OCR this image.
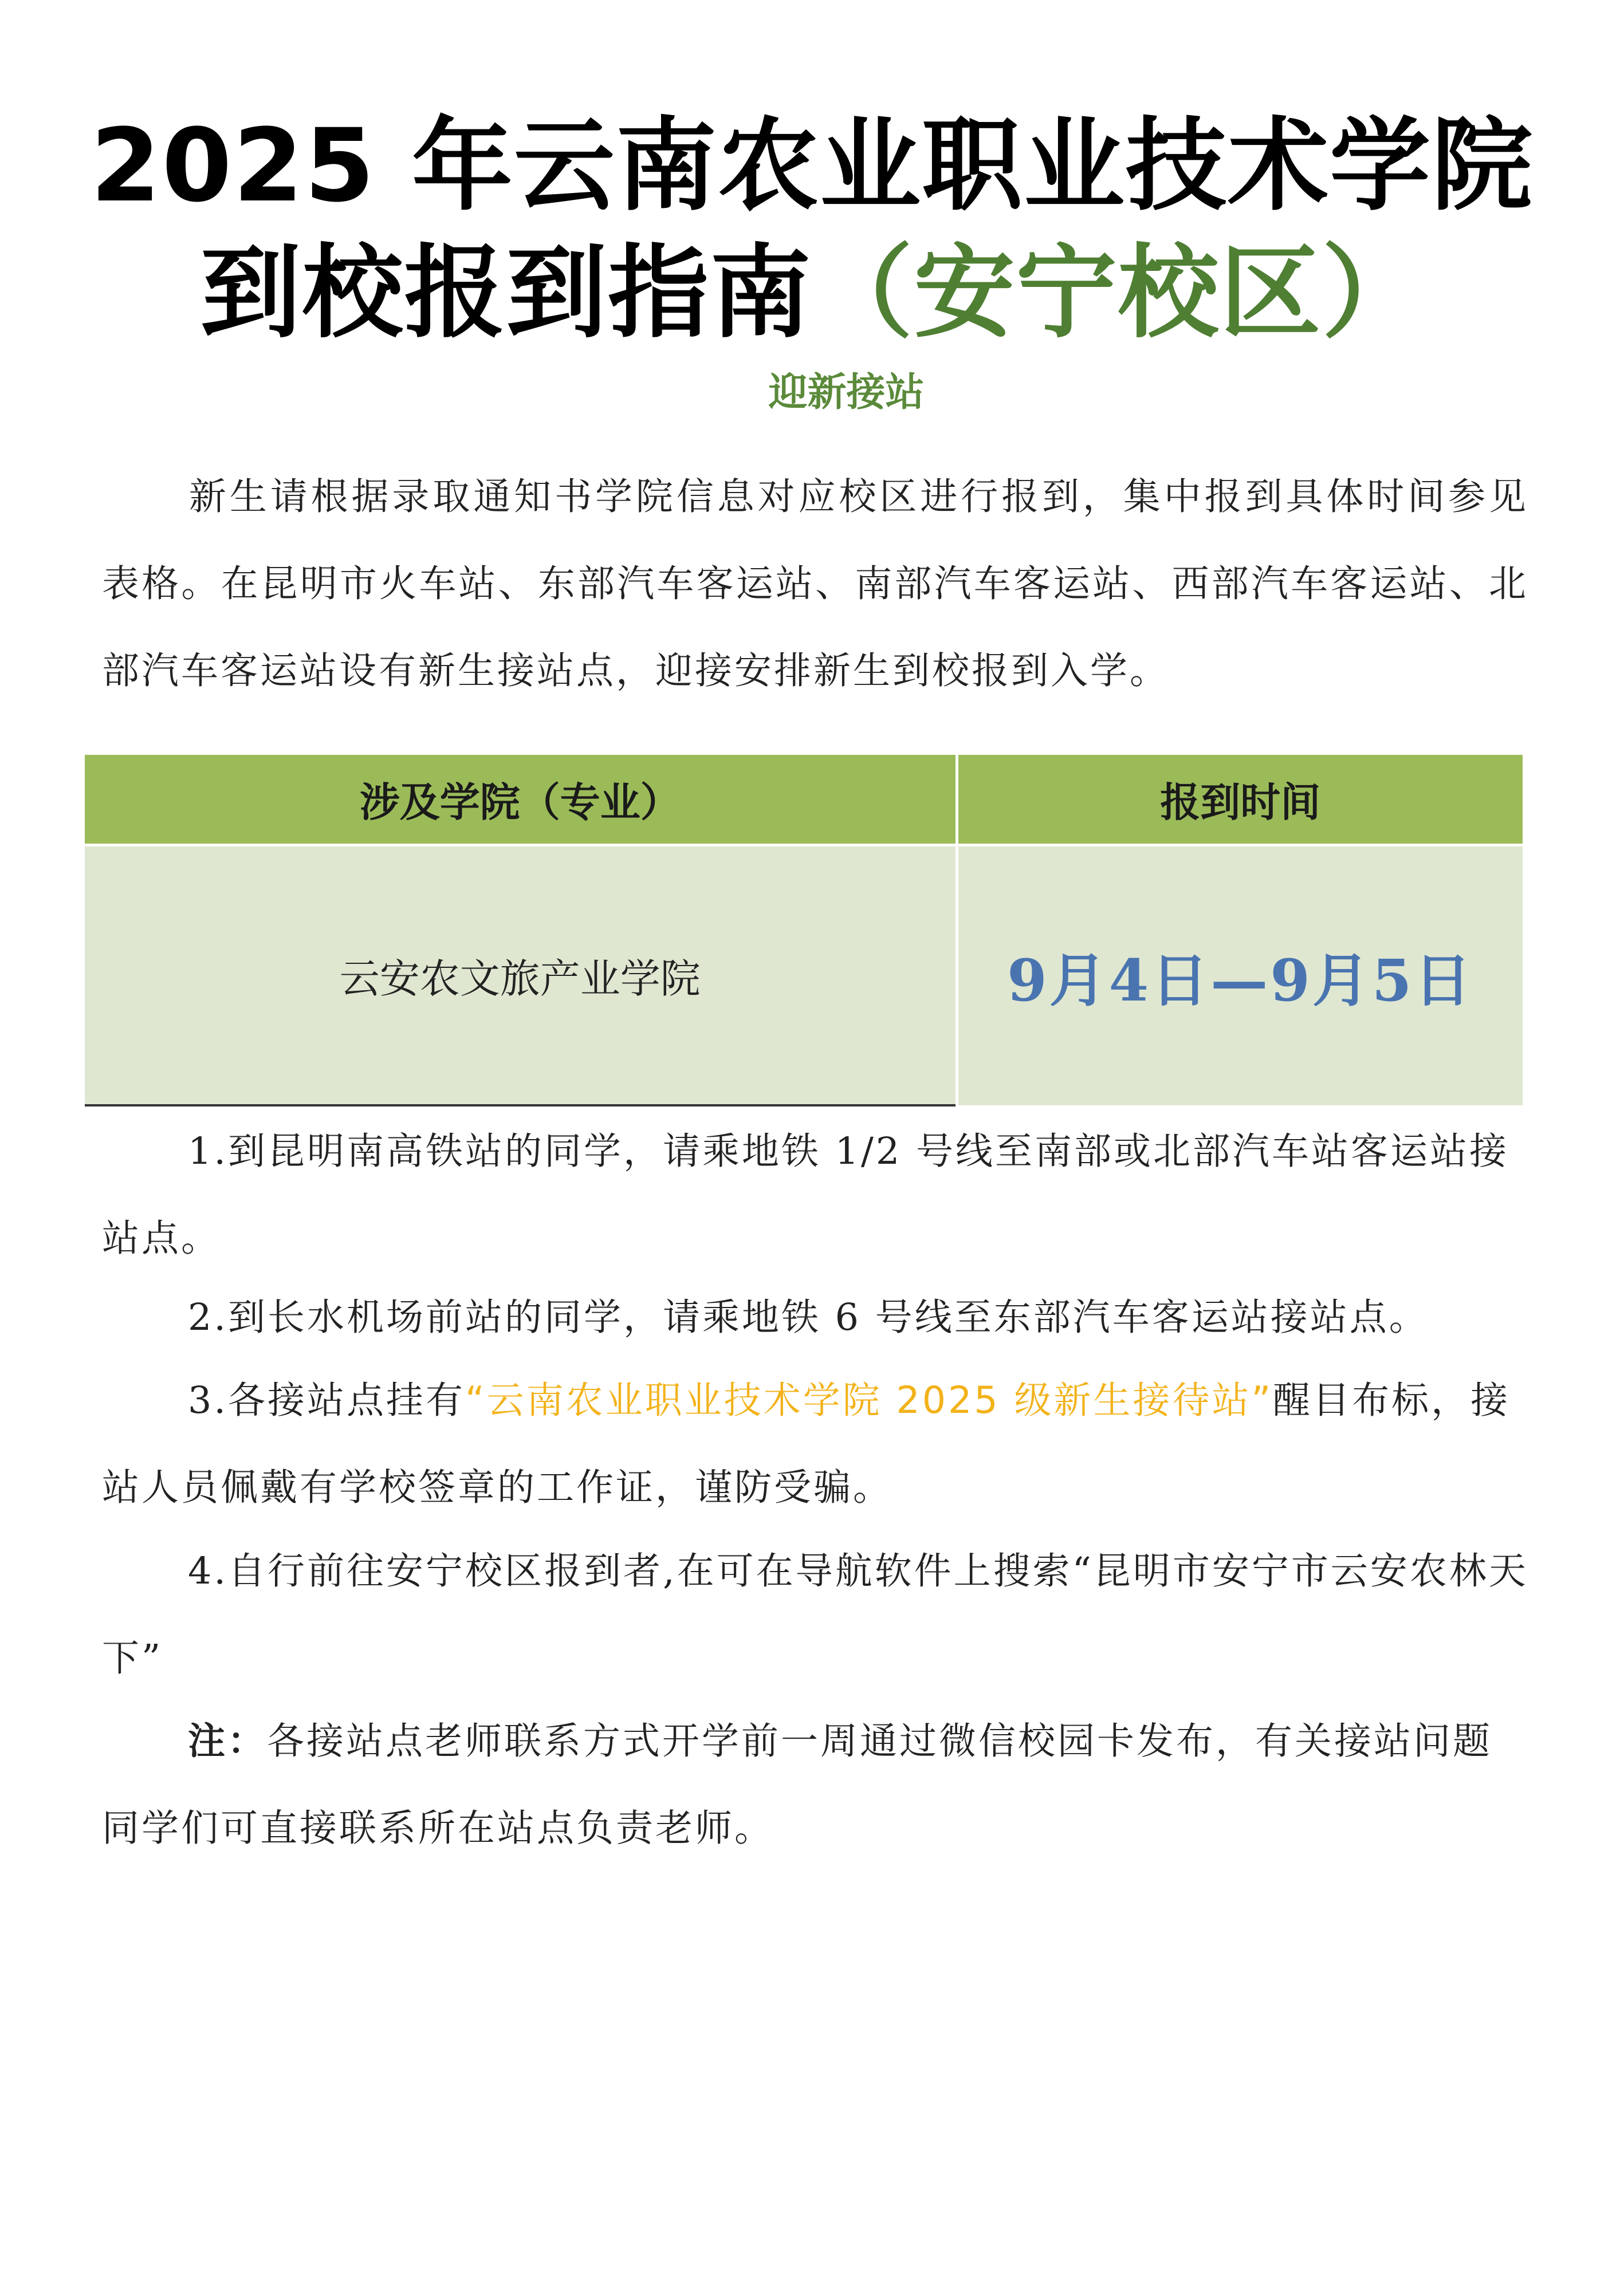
2025 年云南农业职业技术学院
到校报到指南（安宁校区）
迎新接站
新生请根据录取通知书学院信息对应校区进行报到，集中报到具体时间参见表格。在昆明市火车站、东部汽车客运站、南部汽车客运站、西部汽车客运站、北部汽车客运站设有新生接站点，迎接安排新生到校报到入学。
涉及学院（专业）	报到时间
云安农文旅产业学院	9月4日—9月5日
1.到昆明南高铁站的同学，请乘地铁 1/2 号线至南部或北部汽车站客运站接站点。
2.到长水机场前站的同学，请乘地铁 6 号线至东部汽车客运站接站点。
3.各接站点挂有“云南农业职业技术学院 2025 级新生接待站”醒目布标，接站人员佩戴有学校签章的工作证，谨防受骗。
4.自行前往安宁校区报到者,在可在导航软件上搜索“昆明市安宁市云安农林天下”
注：各接站点老师联系方式开学前一周通过微信校园卡发布，有关接站问题同学们可直接联系所在站点负责老师。
